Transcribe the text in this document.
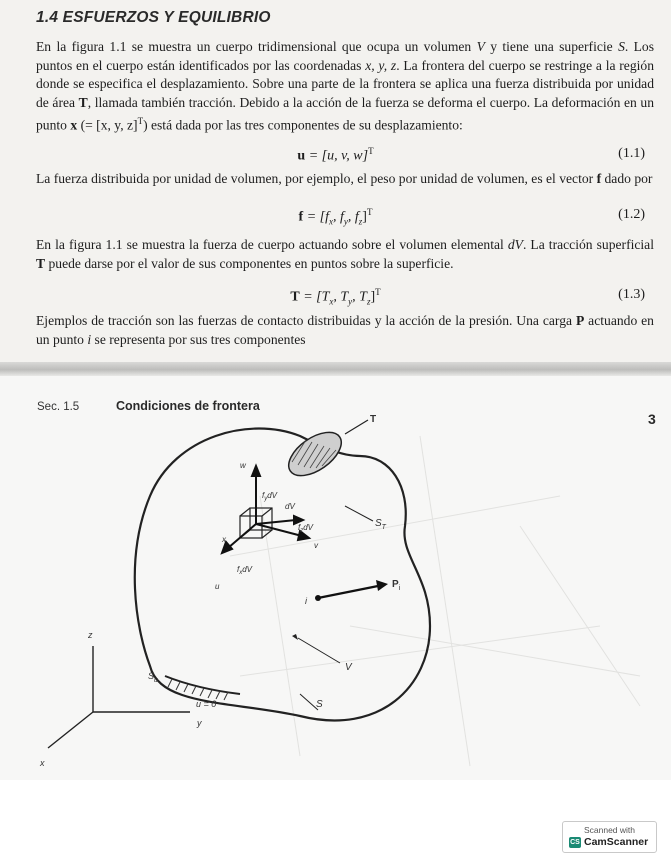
1.4 ESFUERZOS Y EQUILIBRIO

En la figura 1.1 se muestra un cuerpo tridimensional que ocupa un volumen V y tiene una superficie S. Los puntos en el cuerpo están identificados por las coordenadas x, y, z. La frontera del cuerpo se restringe a la región donde se especifica el desplazamiento. Sobre una parte de la frontera se aplica una fuerza distribuida por unidad de área T, llamada también tracción. Debido a la acción de la fuerza se deforma el cuerpo. La deformación en un punto x (= [x, y, z]$^T$) está dada por las tres componentes de su desplazamiento:

u = [u, v, w]$^T$	(1.1)

La fuerza distribuida por unidad de volumen, por ejemplo, el peso por unidad de volumen, es el vector f dado por

$f = [f_x$, $f_y$, $f_z]^T$	(1.2)

En la figura 1.1 se muestra la fuerza de cuerpo actuando sobre el volumen elemental dV. La tracción superficial T puede darse por el valor de sus componentes en puntos sobre la superficie.

$T = [T_x$, $T_y$, $T_z]^T$	(1.3)

Ejemplos de tracción son las fuerzas de contacto distribuidas y la acción de la presión. Una carga P actuando en un punto i se representa por sus tres componentes

Sec. 1.5	Condiciones de frontera
3
T
$S_T$
w
$f_ydV$
dV
$f_zdV$
v
x
$f_xdV$
u	$P_i$
i
V
S
$S_u$
u = 0
z
y
x
Scanned with
CS CamScanner
